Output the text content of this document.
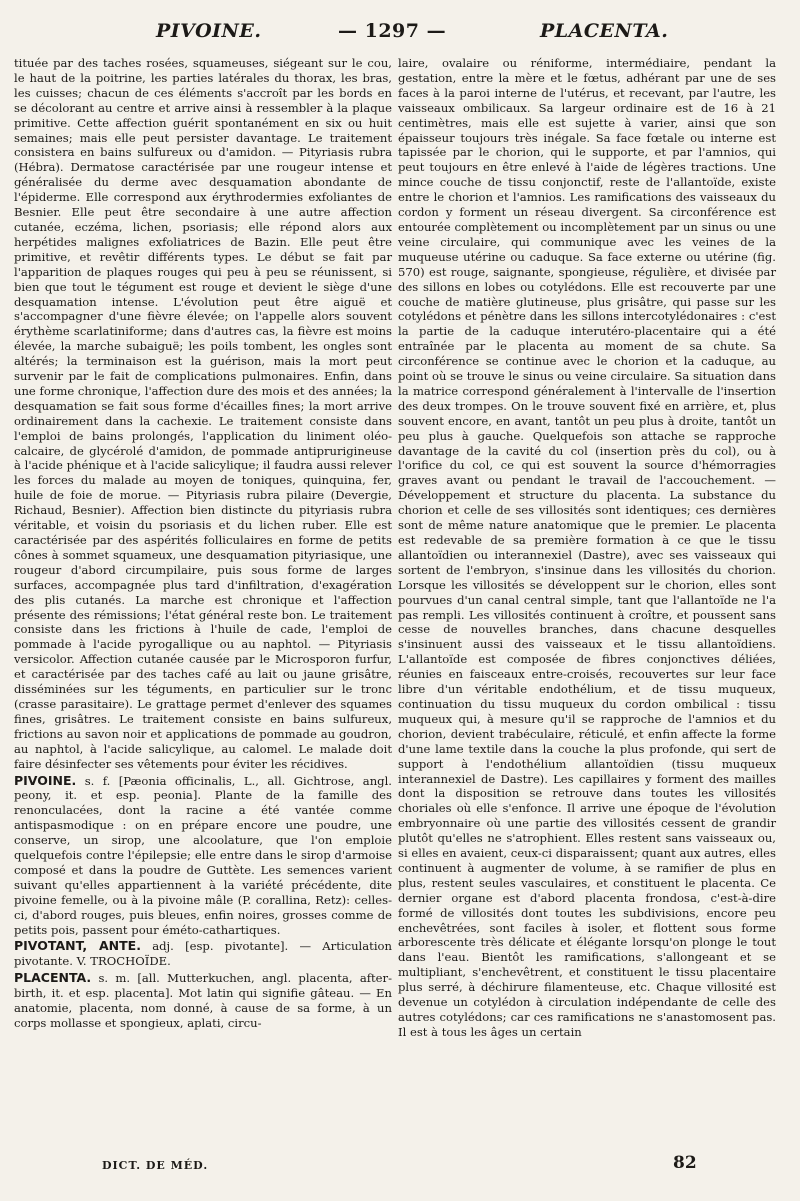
PIVOINE.	— 1297 —	PLACENTA.

tituée par des taches rosées, squameuses, siégeant sur le cou, le haut de la poitrine, les parties latérales du thorax, les bras, les cuisses; chacun de ces éléments s'accroît par les bords en se décolorant au centre et arrive ainsi à ressembler à la plaque primitive. Cette affection guérit spontanément en six ou huit semaines; mais elle peut persister davantage. Le traitement consistera en bains sulfureux ou d'amidon. — Pityriasis rubra (Hébra). Dermatose caractérisée par une rougeur intense et généralisée du derme avec desquamation abondante de l'épiderme. Elle correspond aux érythrodermies exfoliantes de Besnier. Elle peut être secondaire à une autre affection cutanée, eczéma, lichen, psoriasis; elle répond alors aux herpétides malignes exfoliatrices de Bazin. Elle peut être primitive, et revêtir différents types. Le début se fait par l'apparition de plaques rouges qui peu à peu se réunissent, si bien que tout le tégument est rouge et devient le siège d'une desquamation intense. L'évolution peut être aiguë et s'accompagner d'une fièvre élevée; on l'appelle alors souvent érythème scarlatiniforme; dans d'autres cas, la fièvre est moins élevée, la marche subaiguë; les poils tombent, les ongles sont altérés; la terminaison est la guérison, mais la mort peut survenir par le fait de complications pulmonaires. Enfin, dans une forme chronique, l'affection dure des mois et des années; la desquamation se fait sous forme d'écailles fines; la mort arrive ordinairement dans la cachexie. Le traitement consiste dans l'emploi de bains prolongés, l'application du liniment oléo-calcaire, de glycérolé d'amidon, de pommade antiprurigineuse à l'acide phénique et à l'acide salicylique; il faudra aussi relever les forces du malade au moyen de toniques, quinquina, fer, huile de foie de morue. — Pityriasis rubra pilaire (Devergie, Richaud, Besnier). Affection bien distincte du pityriasis rubra véritable, et voisin du psoriasis et du lichen ruber. Elle est caractérisée par des aspérités folliculaires en forme de petits cônes à sommet squameux, une desquamation pityriasique, une rougeur d'abord circumpilaire, puis sous forme de larges surfaces, accompagnée plus tard d'infiltration, d'exagération des plis cutanés. La marche est chronique et l'affection présente des rémissions; l'état général reste bon. Le traitement consiste dans les frictions à l'huile de cade, l'emploi de pommade à l'acide pyrogallique ou au naphtol. — Pityriasis versicolor. Affection cutanée causée par le Microsporon furfur, et caractérisée par des taches café au lait ou jaune grisâtre, disséminées sur les téguments, en particulier sur le tronc (crasse parasitaire). Le grattage permet d'enlever des squames fines, grisâtres. Le traitement consiste en bains sulfureux, frictions au savon noir et applications de pommade au goudron, au naphtol, à l'acide salicylique, au calomel. Le malade doit faire désinfecter ses vêtements pour éviter les récidives.

PIVOINE. s. f. [Pæonia officinalis, L., all. Gichtrose, angl. peony, it. et esp. peonia]. Plante de la famille des renonculacées, dont la racine a été vantée comme antispasmodique : on en prépare encore une poudre, une conserve, un sirop, une alcoolature, que l'on emploie quelquefois contre l'épilepsie; elle entre dans le sirop d'armoise composé et dans la poudre de Guttète. Les semences varient suivant qu'elles appartiennent à la variété précédente, dite pivoine femelle, ou à la pivoine mâle (P. corallina, Retz): celles-ci, d'abord rouges, puis bleues, enfin noires, grosses comme de petits pois, passent pour éméto-cathartiques.

PIVOTANT, ANTE. adj. [esp. pivotante]. — Articulation pivotante. V. TROCHOÏDE.

PLACENTA. s. m. [all. Mutterkuchen, angl. placenta, after-birth, it. et esp. placenta]. Mot latin qui signifie gâteau. — En anatomie, placenta, nom donné, à cause de sa forme, à un corps mollasse et spongieux, aplati, circu-

laire, ovalaire ou réniforme, intermédiaire, pendant la gestation, entre la mère et le fœtus, adhérant par une de ses faces à la paroi interne de l'utérus, et recevant, par l'autre, les vaisseaux ombilicaux. Sa largeur ordinaire est de 16 à 21 centimètres, mais elle est sujette à varier, ainsi que son épaisseur toujours très inégale. Sa face fœtale ou interne est tapissée par le chorion, qui le supporte, et par l'amnios, qui peut toujours en être enlevé à l'aide de légères tractions. Une mince couche de tissu conjonctif, reste de l'allantoïde, existe entre le chorion et l'amnios. Les ramifications des vaisseaux du cordon y forment un réseau divergent. Sa circonférence est entourée complètement ou incomplètement par un sinus ou une veine circulaire, qui communique avec les veines de la muqueuse utérine ou caduque. Sa face externe ou utérine (fig. 570) est rouge, saignante, spongieuse, régulière, et divisée par des sillons en lobes ou cotylédons. Elle est recouverte par une couche de matière glutineuse, plus grisâtre, qui passe sur les cotylédons et pénètre dans les sillons intercotylédonaires : c'est la partie de la caduque interutéro-placentaire qui a été entraînée par le placenta au moment de sa chute. Sa circonférence se continue avec le chorion et la caduque, au point où se trouve le sinus ou veine circulaire. Sa situation dans la matrice correspond généralement à l'intervalle de l'insertion des deux trompes. On le trouve souvent fixé en arrière, et, plus souvent encore, en avant, tantôt un peu plus à droite, tantôt un peu plus à gauche. Quelquefois son attache se rapproche davantage de la cavité du col (insertion près du col), ou à l'orifice du col, ce qui est souvent la source d'hémorragies graves avant ou pendant le travail de l'accouchement. — Développement et structure du placenta. La substance du chorion et celle de ses villosités sont identiques; ces dernières sont de même nature anatomique que le premier. Le placenta est redevable de sa première formation à ce que le tissu allantoïdien ou interannexiel (Dastre), avec ses vaisseaux qui sortent de l'embryon, s'insinue dans les villosités du chorion. Lorsque les villosités se développent sur le chorion, elles sont pourvues d'un canal central simple, tant que l'allantoïde ne l'a pas rempli. Les villosités continuent à croître, et poussent sans cesse de nouvelles branches, dans chacune desquelles s'insinuent aussi des vaisseaux et le tissu allantoïdiens. L'allantoïde est composée de fibres conjonctives déliées, réunies en faisceaux entre-croisés, recouvertes sur leur face libre d'un véritable endothélium, et de tissu muqueux, continuation du tissu muqueux du cordon ombilical : tissu muqueux qui, à mesure qu'il se rapproche de l'amnios et du chorion, devient trabéculaire, réticulé, et enfin affecte la forme d'une lame textile dans la couche la plus profonde, qui sert de support à l'endothélium allantoïdien (tissu muqueux interannexiel de Dastre). Les capillaires y forment des mailles dont la disposition se retrouve dans toutes les villosités choriales où elle s'enfonce. Il arrive une époque de l'évolution embryonnaire où une partie des villosités cessent de grandir plutôt qu'elles ne s'atrophient. Elles restent sans vaisseaux ou, si elles en avaient, ceux-ci disparaissent; quant aux autres, elles continuent à augmenter de volume, à se ramifier de plus en plus, restent seules vasculaires, et constituent le placenta. Ce dernier organe est d'abord placenta frondosa, c'est-à-dire formé de villosités dont toutes les subdivisions, encore peu enchevêtrées, sont faciles à isoler, et flottent sous forme arborescente très délicate et élégante lorsqu'on plonge le tout dans l'eau. Bientôt les ramifications, s'allongeant et se multipliant, s'enchevêtrent, et constituent le tissu placentaire plus serré, à déchirure filamenteuse, etc. Chaque villosité est devenue un cotylédon à circulation indépendante de celle des autres cotylédons; car ces ramifications ne s'anastomosent pas. Il est à tous les âges un certain

DICT. DE MÉD.	82
